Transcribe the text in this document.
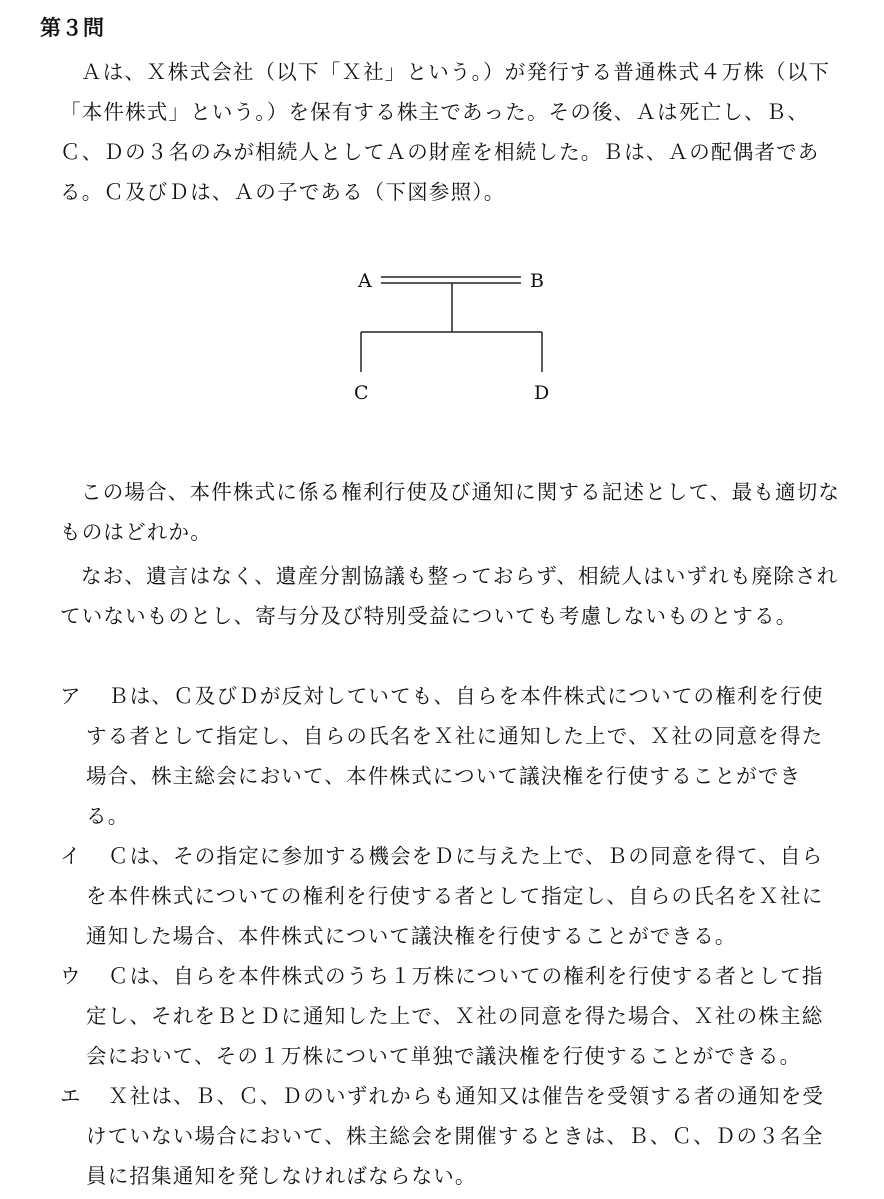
第３問
Ａは、Ｘ株式会社（以下「Ｘ社」という。）が発行する普通株式４万株（以下「本件株式」という。）を保有する株主であった。その後、Ａは死亡し、Ｂ、Ｃ、Ｄの３名のみが相続人としてＡの財産を相続した。Ｂは、Ａの配偶者である。Ｃ及びＤは、Ａの子である（下図参照）。
A	B
C	D
この場合、本件株式に係る権利行使及び通知に関する記述として、最も適切なものはどれか。
なお、遺言はなく、遺産分割協議も整っておらず、相続人はいずれも廃除されていないものとし、寄与分及び特別受益についても考慮しないものとする。
ア	Ｂは、Ｃ及びＤが反対していても、自らを本件株式についての権利を行使する者として指定し、自らの氏名をＸ社に通知した上で、Ｘ社の同意を得た場合、株主総会において、本件株式について議決権を行使することができる。
イ	Ｃは、その指定に参加する機会をＤに与えた上で、Ｂの同意を得て、自らを本件株式についての権利を行使する者として指定し、自らの氏名をＸ社に通知した場合、本件株式について議決権を行使することができる。
ウ	Ｃは、自らを本件株式のうち１万株についての権利を行使する者として指定し、それをＢとＤに通知した上で、Ｘ社の同意を得た場合、Ｘ社の株主総会において、その１万株について単独で議決権を行使することができる。
エ	Ｘ社は、Ｂ、Ｃ、Ｄのいずれからも通知又は催告を受領する者の通知を受けていない場合において、株主総会を開催するときは、Ｂ、Ｃ、Ｄの３名全員に招集通知を発しなければならない。
